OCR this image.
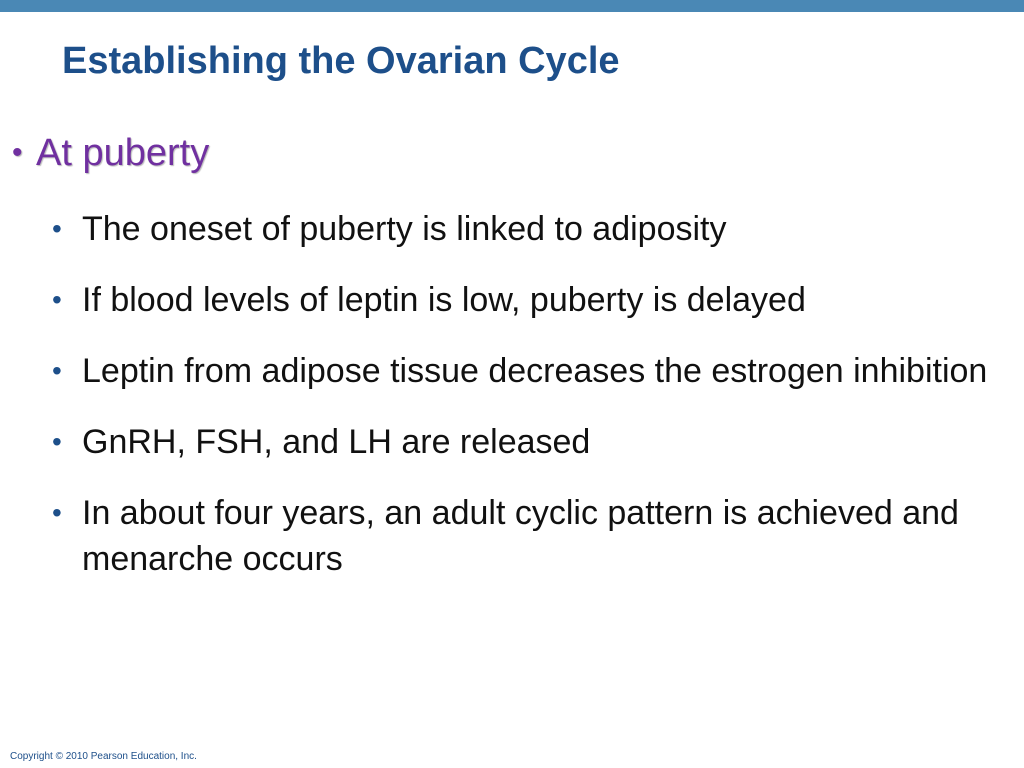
Establishing the Ovarian Cycle
• At puberty
• The oneset of puberty is linked to adiposity
• If blood levels of leptin is low, puberty is delayed
• Leptin from adipose tissue decreases the estrogen inhibition
• GnRH, FSH, and LH are released
• In about four years, an adult cyclic pattern is achieved and menarche occurs
Copyright © 2010 Pearson Education, Inc.
